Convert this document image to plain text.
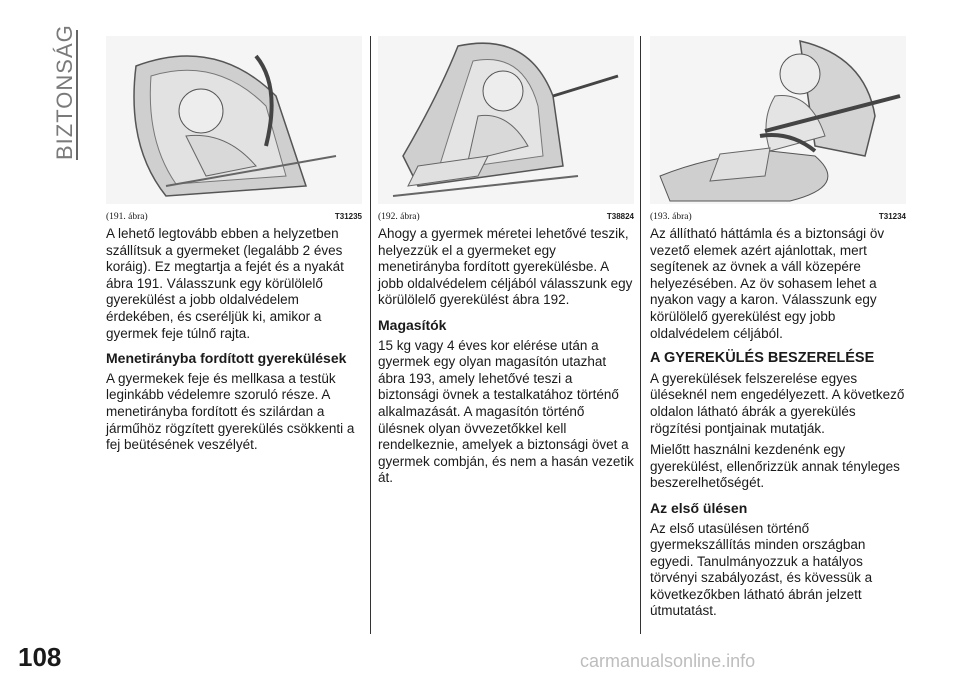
BIZTONSÁG
(191. ábra)	T31235

A lehető legtovább ebben a helyzetben szállítsuk a gyermeket (legalább 2 éves koráig). Ez megtartja a fejét és a nyakát ábra 191. Válasszunk egy körülölelő gyerekülést a jobb oldalvédelem érdekében, és cseréljük ki, amikor a gyermek feje túlnő rajta.

Menetirányba fordított gyerekülések

A gyermekek feje és mellkasa a testük leginkább védelemre szoruló része. A menetirányba fordított és szilárdan a járműhöz rögzített gyerekülés csökkenti a fej beütésének veszélyét.

(192. ábra)	T38824

Ahogy a gyermek méretei lehetővé teszik, helyezzük el a gyermeket egy menetirányba fordított gyerekülésbe. A jobb oldalvédelem céljából válasszunk egy körülölelő gyerekülést ábra 192.

Magasítók

15 kg vagy 4 éves kor elérése után a gyermek egy olyan magasítón utazhat ábra 193, amely lehetővé teszi a biztonsági övnek a testalkatához történő alkalmazását. A magasítón történő ülésnek olyan övvezetőkkel kell rendelkeznie, amelyek a biztonsági övet a gyermek combján, és nem a hasán vezetik át.

(193. ábra)	T31234

Az állítható háttámla és a biztonsági öv vezető elemek azért ajánlottak, mert segítenek az övnek a váll közepére helyezésében. Az öv sohasem lehet a nyakon vagy a karon. Válasszunk egy körülölelő gyerekülést egy jobb oldalvédelem céljából.

A GYEREKÜLÉS BESZERELÉSE

A gyerekülések felszerelése egyes üléseknél nem engedélyezett. A következő oldalon látható ábrák a gyerekülés rögzítési pontjainak mutatják.

Mielőtt használni kezdenénk egy gyerekülést, ellenőrizzük annak tényleges beszerelhetőségét.

Az első ülésen

Az első utasülésen történő gyermekszállítás minden országban egyedi. Tanulmányozzuk a hatályos törvényi szabályozást, és kövessük a következőkben látható ábrán jelzett útmutatást.

108	carmanualsonline.info
